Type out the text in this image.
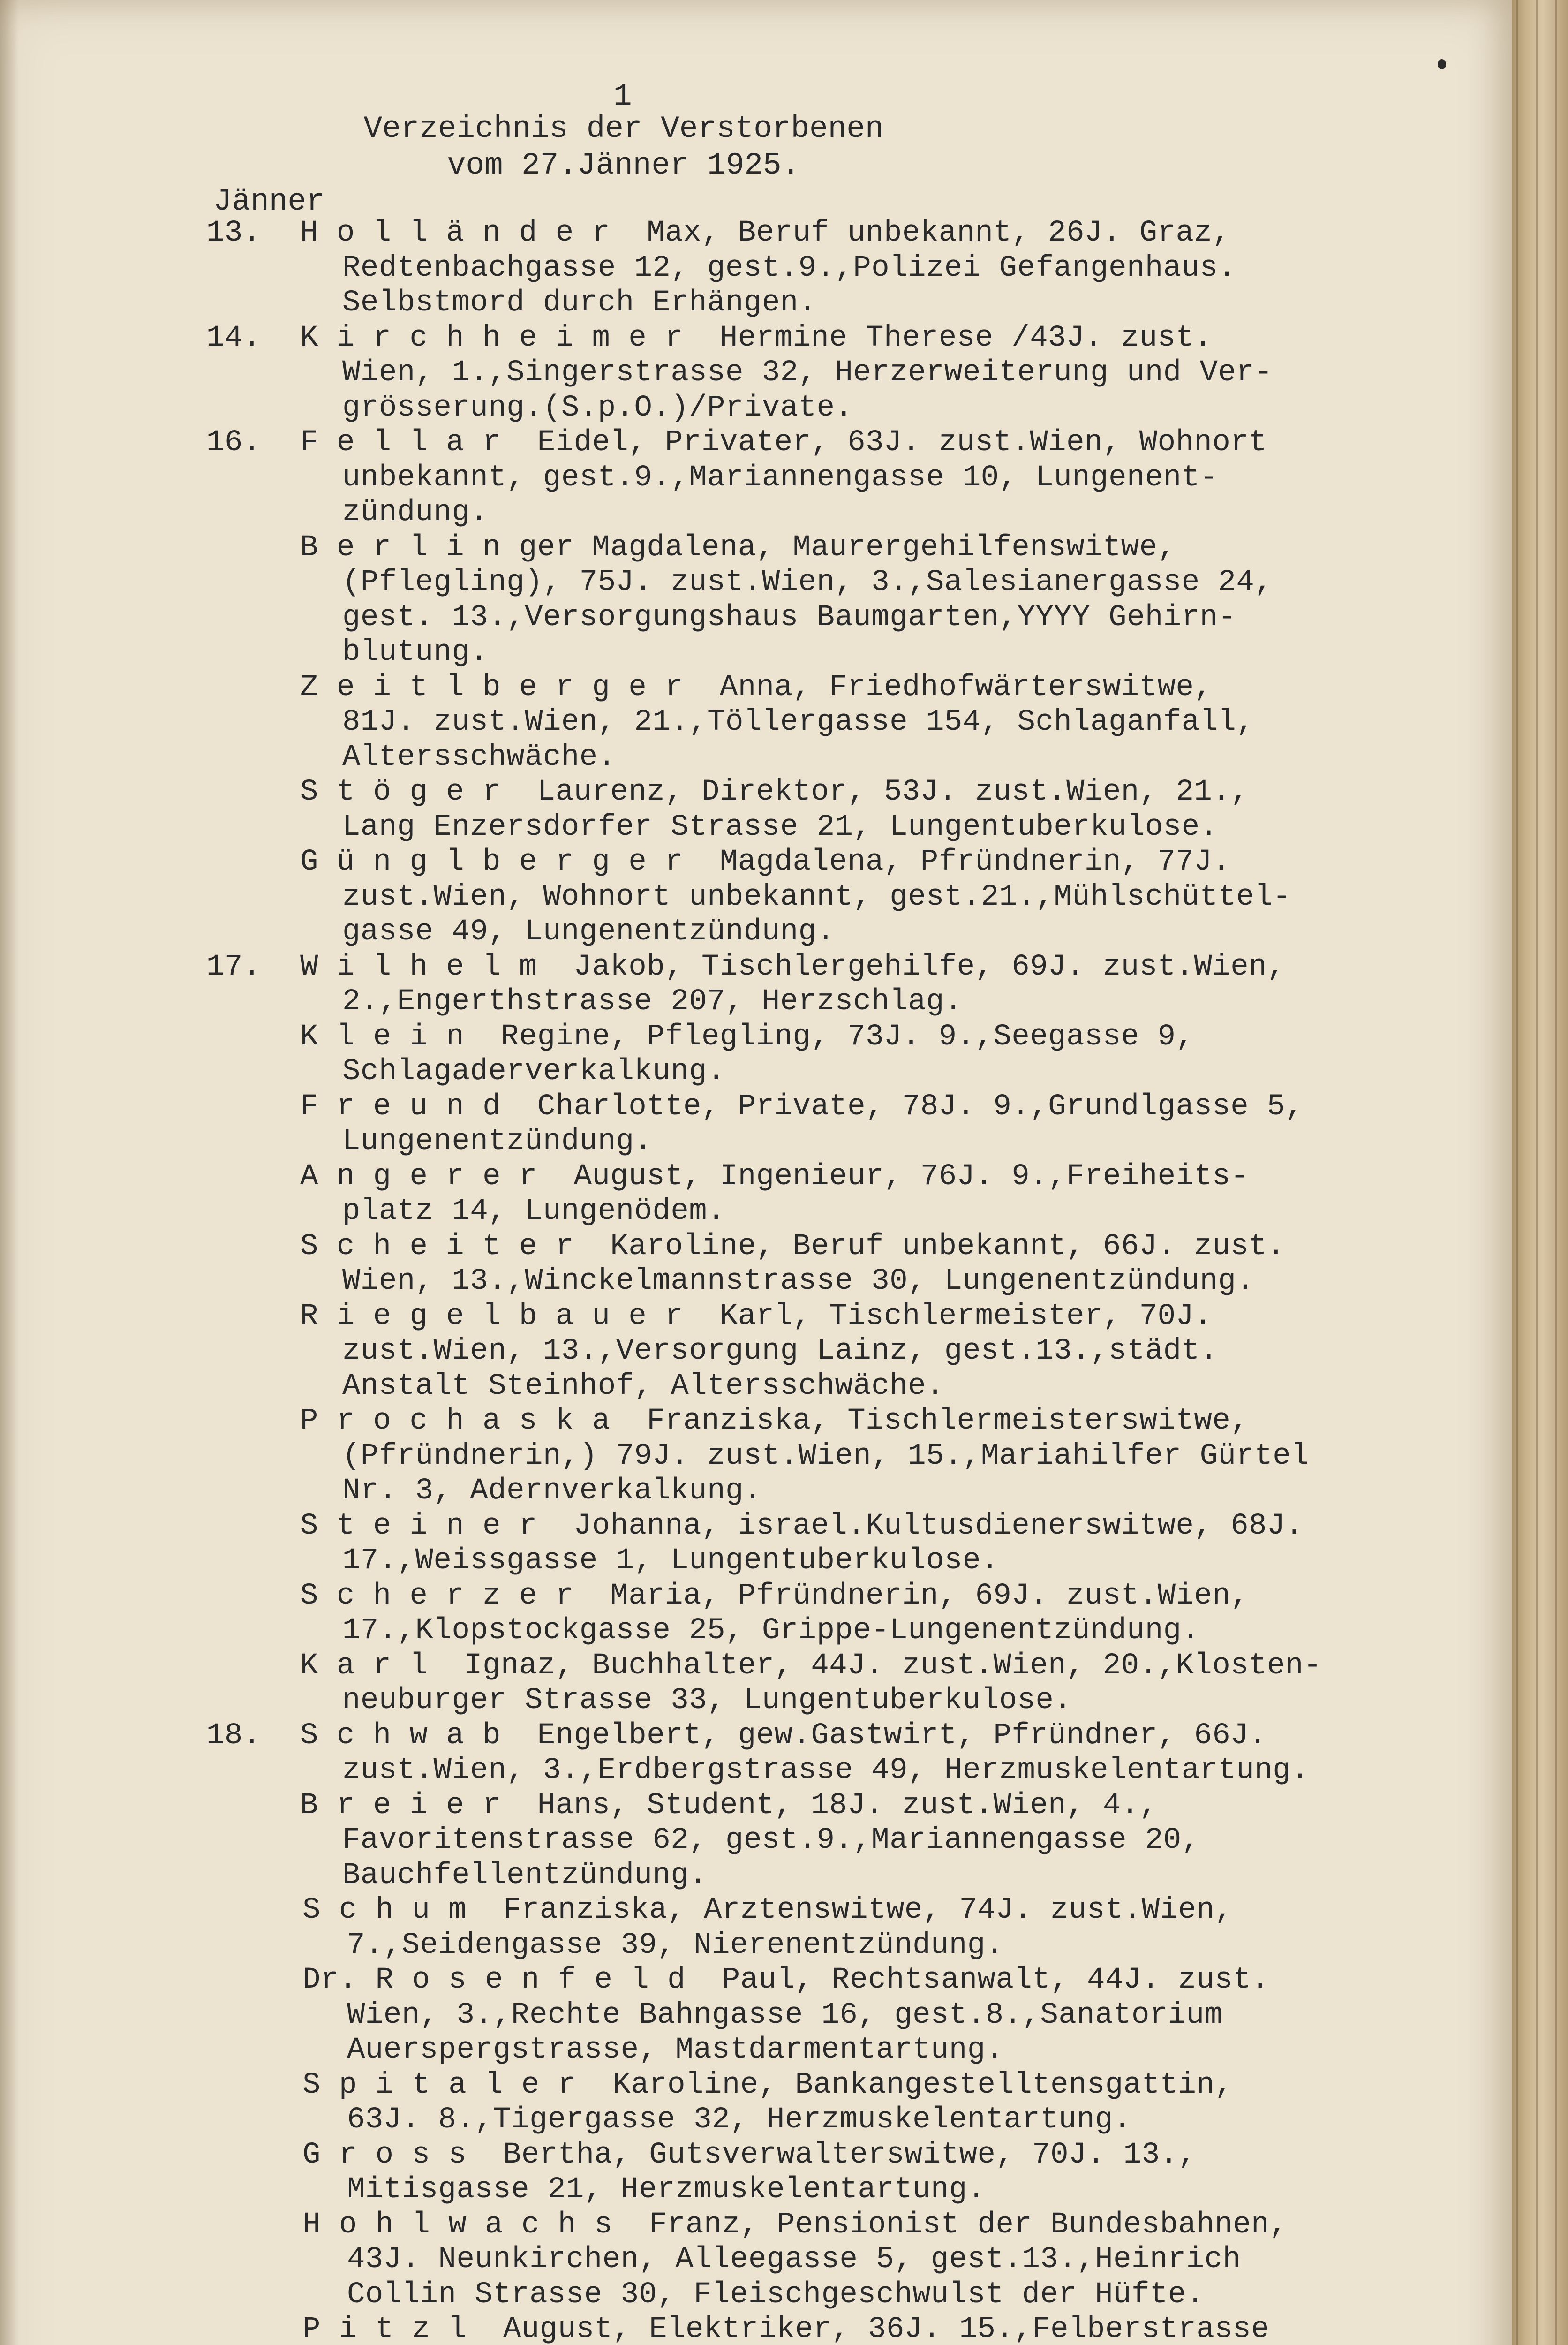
1
Verzeichnis der Verstorbenen
vom 27.Jänner 1925.
Jänner
13.	H o l l ä n d e r  Max, Beruf unbekannt, 26J. Graz,
Redtenbachgasse 12, gest.9.,Polizei Gefangenhaus.
Selbstmord durch Erhängen.
14.	K i r c h h e i m e r  Hermine Therese /43J. zust.
Wien, 1.,Singerstrasse 32, Herzerweiterung und Ver-
grösserung.(S.p.O.)/Private.
16.	F e l l a r  Eidel, Privater, 63J. zust.Wien, Wohnort
unbekannt, gest.9.,Mariannengasse 10, Lungenent-
zündung.
B e r l i n ger Magdalena, Maurergehilfenswitwe,
(Pflegling), 75J. zust.Wien, 3.,Salesianergasse 24,
gest. 13.,Versorgungshaus Baumgarten,YYYY Gehirn-
blutung.
Z e i t l b e r g e r  Anna, Friedhofwärterswitwe,
81J. zust.Wien, 21.,Töllergasse 154, Schlaganfall,
Altersschwäche.
S t ö g e r  Laurenz, Direktor, 53J. zust.Wien, 21.,
Lang Enzersdorfer Strasse 21, Lungentuberkulose.
G ü n g l b e r g e r  Magdalena, Pfründnerin, 77J.
zust.Wien, Wohnort unbekannt, gest.21.,Mühlschüttel-
gasse 49, Lungenentzündung.
17.	W i l h e l m  Jakob, Tischlergehilfe, 69J. zust.Wien,
2.,Engerthstrasse 207, Herzschlag.
K l e i n  Regine, Pflegling, 73J. 9.,Seegasse 9,
Schlagaderverkalkung.
F r e u n d  Charlotte, Private, 78J. 9.,Grundlgasse 5,
Lungenentzündung.
A n g e r e r  August, Ingenieur, 76J. 9.,Freiheits-
platz 14, Lungenödem.
S c h e i t e r  Karoline, Beruf unbekannt, 66J. zust.
Wien, 13.,Winckelmannstrasse 30, Lungenentzündung.
R i e g e l b a u e r  Karl, Tischlermeister, 70J.
zust.Wien, 13.,Versorgung Lainz, gest.13.,städt.
Anstalt Steinhof, Altersschwäche.
P r o c h a s k a  Franziska, Tischlermeisterswitwe,
(Pfründnerin,) 79J. zust.Wien, 15.,Mariahilfer Gürtel
Nr. 3, Adernverkalkung.
S t e i n e r  Johanna, israel.Kultusdienerswitwe, 68J.
17.,Weissgasse 1, Lungentuberkulose.
S c h e r z e r  Maria, Pfründnerin, 69J. zust.Wien,
17.,Klopstockgasse 25, Grippe-Lungenentzündung.
K a r l  Ignaz, Buchhalter, 44J. zust.Wien, 20.,Klosten-
neuburger Strasse 33, Lungentuberkulose.
18.	S c h w a b  Engelbert, gew.Gastwirt, Pfründner, 66J.
zust.Wien, 3.,Erdbergstrasse 49, Herzmuskelentartung.
B r e i e r  Hans, Student, 18J. zust.Wien, 4.,
Favoritenstrasse 62, gest.9.,Mariannengasse 20,
Bauchfellentzündung.
S c h u m  Franziska, Arztenswitwe, 74J. zust.Wien,
7.,Seidengasse 39, Nierenentzündung.
Dr. R o s e n f e l d  Paul, Rechtsanwalt, 44J. zust.
Wien, 3.,Rechte Bahngasse 16, gest.8.,Sanatorium
Auerspergstrasse, Mastdarmentartung.
S p i t a l e r  Karoline, Bankangestelltensgattin,
63J. 8.,Tigergasse 32, Herzmuskelentartung.
G r o s s  Bertha, Gutsverwalterswitwe, 70J. 13.,
Mitisgasse 21, Herzmuskelentartung.
H o h l w a c h s  Franz, Pensionist der Bundesbahnen,
43J. Neunkirchen, Alleegasse 5, gest.13.,Heinrich
Collin Strasse 30, Fleischgeschwulst der Hüfte.
P i t z l  August, Elektriker, 36J. 15.,Felberstrasse
